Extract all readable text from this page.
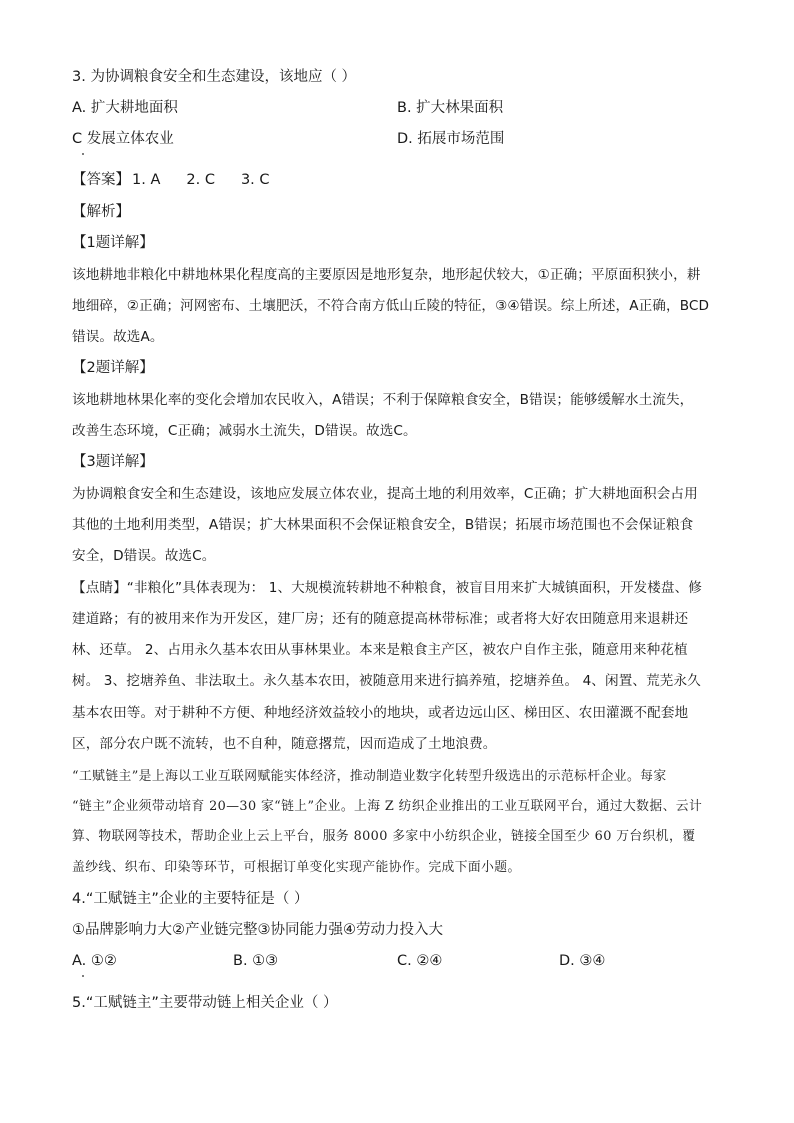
3. 为协调粮食安全和生态建设，该地应（ ）
A. 扩大耕地面积	B. 扩大林果面积
C 发展立体农业	D. 拓展市场范围
【答案】 1. A 2. C 3. C
【解析】
【1题详解】
该地耕地非粮化中耕地林果化程度高的主要原因是地形复杂，地形起伏较大，①正确；平原面积狭小，耕
地细碎，②正确；河网密布、土壤肥沃，不符合南方低山丘陵的特征，③④错误。综上所述，A正确，BCD
错误。故选A。
【2题详解】
该地耕地林果化率的变化会增加农民收入，A错误；不利于保障粮食安全，B错误；能够缓解水土流失，
改善生态环境，C正确；减弱水土流失，D错误。故选C。
【3题详解】
为协调粮食安全和生态建设，该地应发展立体农业，提高土地的利用效率，C正确；扩大耕地面积会占用
其他的土地利用类型，A错误；扩大林果面积不会保证粮食安全，B错误；拓展市场范围也不会保证粮食
安全，D错误。故选C。
【点睛】“非粮化”具体表现为： 1、大规模流转耕地不种粮食，被盲目用来扩大城镇面积，开发楼盘、修
建道路；有的被用来作为开发区，建厂房；还有的随意提高林带标准；或者将大好农田随意用来退耕还
林、还草。 2、占用永久基本农田从事林果业。本来是粮食主产区，被农户自作主张，随意用来种花植
树。 3、挖塘养鱼、非法取土。永久基本农田，被随意用来进行搞养殖，挖塘养鱼。 4、闲置、荒芜永久
基本农田等。对于耕种不方便、种地经济效益较小的地块，或者边远山区、梯田区、农田灌溉不配套地
区，部分农户既不流转，也不自种，随意撂荒，因而造成了土地浪费。
“工赋链主”是上海以工业互联网赋能实体经济，推动制造业数字化转型升级选出的示范标杆企业。每家
“链主”企业须带动培育 20—30 家“链上”企业。上海 Z 纺织企业推出的工业互联网平台，通过大数据、云计
算、物联网等技术，帮助企业上云上平台，服务 8000 多家中小纺织企业，链接全国至少 60 万台织机，覆
盖纱线、织布、印染等环节，可根据订单变化实现产能协作。完成下面小题。
4.“工赋链主”企业的主要特征是（ ）
①品牌影响力大②产业链完整③协同能力强④劳动力投入大
A. ①②	B. ①③	C. ②④	D. ③④
5.“工赋链主”主要带动链上相关企业（ ）
